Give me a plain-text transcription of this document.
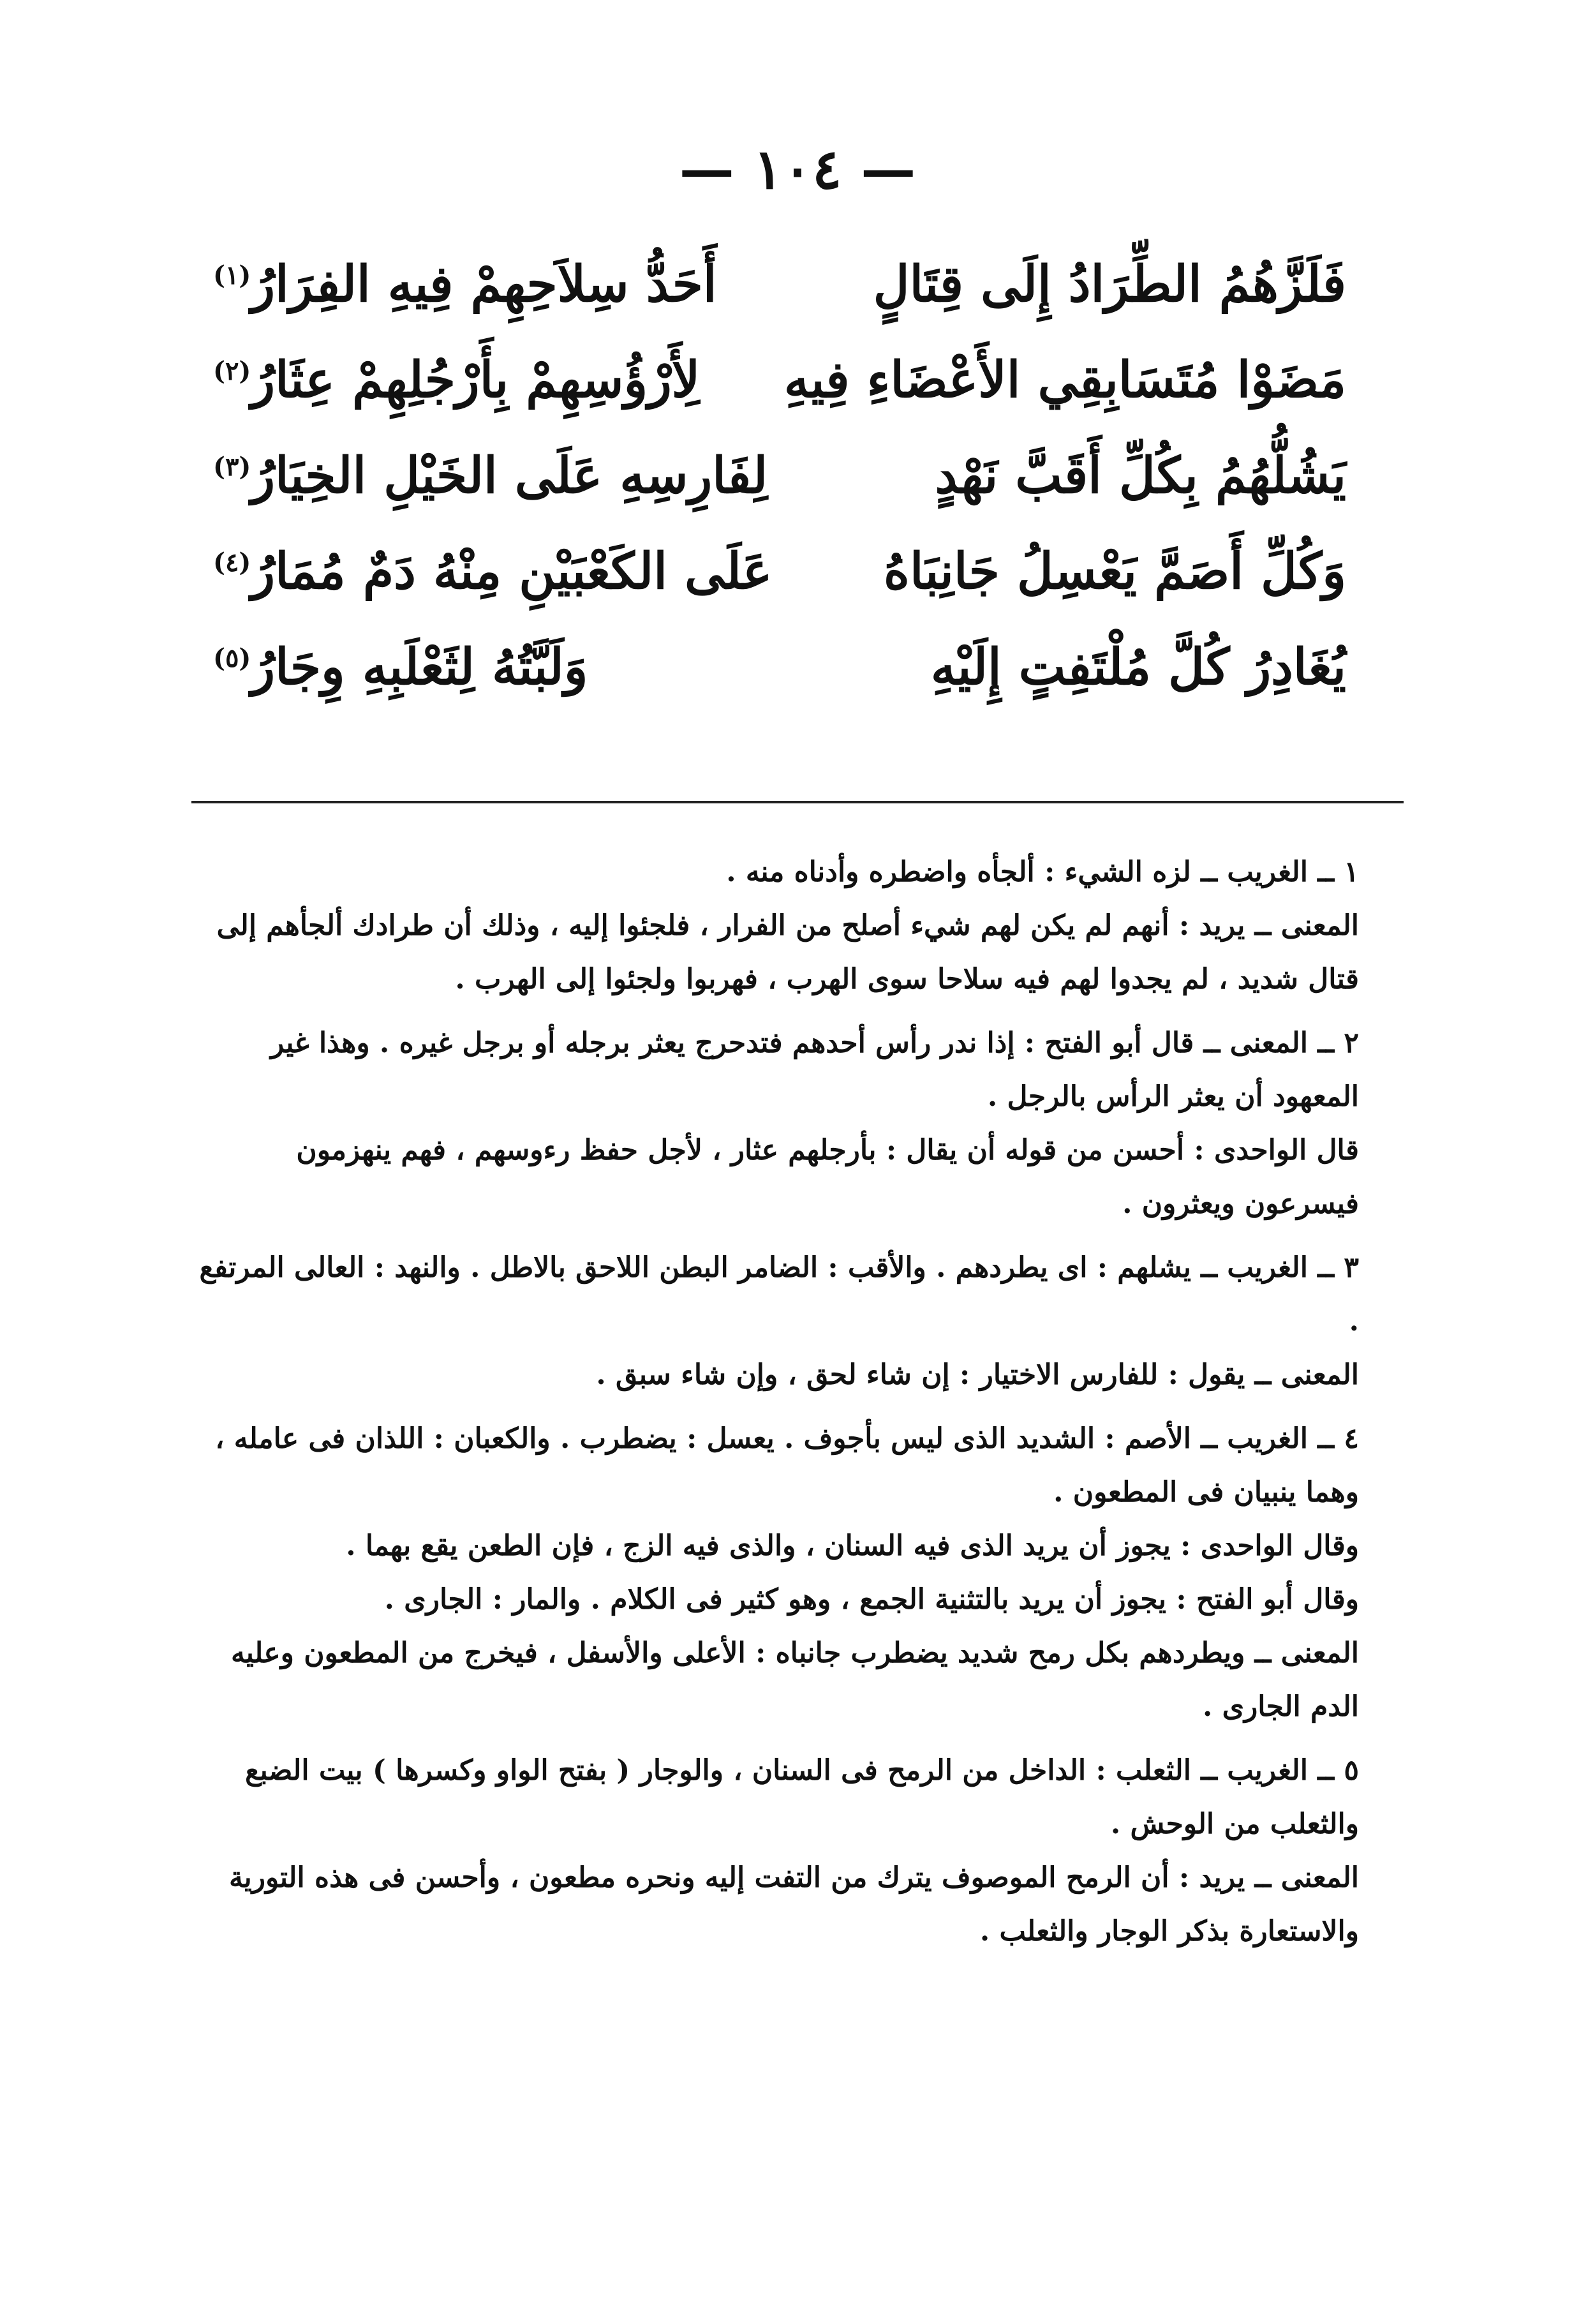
— ١٠٤ —
فَلَزَّهُمُ الطِّرَادُ إِلَى قِتَالٍ
أَحَدُّ سِلاَحِهِمْ فِيهِ الفِرَارُ$^{(١)}$
مَضَوْا مُتَسَابِقِي الأَعْضَاءِ فِيهِ
لِأَرْؤُسِهِمْ بِأَرْجُلِهِمْ عِثَارُ$^{(٢)}$
يَشُلُّهُمُ بِكُلِّ أَقَبَّ نَهْدٍ
لِفَارِسِهِ عَلَى الخَيْلِ الخِيَارُ$^{(٣)}$
وَكُلِّ أَصَمَّ يَعْسِلُ جَانِبَاهُ
عَلَى الكَعْبَيْنِ مِنْهُ دَمٌ مُمَارُ$^{(٤)}$
يُغَادِرُ كُلَّ مُلْتَفِتٍ إِلَيْهِ
وَلَبَّتُهُ لِثَعْلَبِهِ وِجَارُ$^{(٥)}$

١ ــ الغريب ــ لزه الشيء : ألجأه واضطره وأدناه منه .

المعنى ــ يريد : أنهم لم يكن لهم شيء أصلح من الفرار ، فلجئوا إليه ، وذلك أن طرادك ألجأهم إلى قتال شديد ، لم يجدوا لهم فيه سلاحا سوى الهرب ، فهربوا ولجئوا إلى الهرب .

٢ ــ المعنى ــ قال أبو الفتح : إذا ندر رأس أحدهم فتدحرج يعثر برجله أو برجل غيره . وهذا غير المعهود أن يعثر الرأس بالرجل .

قال الواحدى : أحسن من قوله أن يقال : بأرجلهم عثار ، لأجل حفظ رءوسهم ، فهم ينهزمون فيسرعون ويعثرون .

٣ ــ الغريب ــ يشلهم : اى يطردهم . والأقب : الضامر البطن اللاحق بالاطل . والنهد : العالى المرتفع .

المعنى ــ يقول : للفارس الاختيار : إن شاء لحق ، وإن شاء سبق .

٤ ــ الغريب ــ الأصم : الشديد الذى ليس بأجوف . يعسل : يضطرب . والكعبان : اللذان فى عامله ، وهما ينبيان فى المطعون .

وقال الواحدى : يجوز أن يريد الذى فيه السنان ، والذى فيه الزج ، فإن الطعن يقع بهما .

وقال أبو الفتح : يجوز أن يريد بالتثنية الجمع ، وهو كثير فى الكلام . والمار : الجارى .

المعنى ــ ويطردهم بكل رمح شديد يضطرب جانباه : الأعلى والأسفل ، فيخرج من المطعون وعليه الدم الجارى .

٥ ــ الغريب ــ الثعلب : الداخل من الرمح فى السنان ، والوجار ( بفتح الواو وكسرها ) بيت الضبع والثعلب من الوحش .

المعنى ــ يريد : أن الرمح الموصوف يترك من التفت إليه ونحره مطعون ، وأحسن فى هذه التورية والاستعارة بذكر الوجار والثعلب .
